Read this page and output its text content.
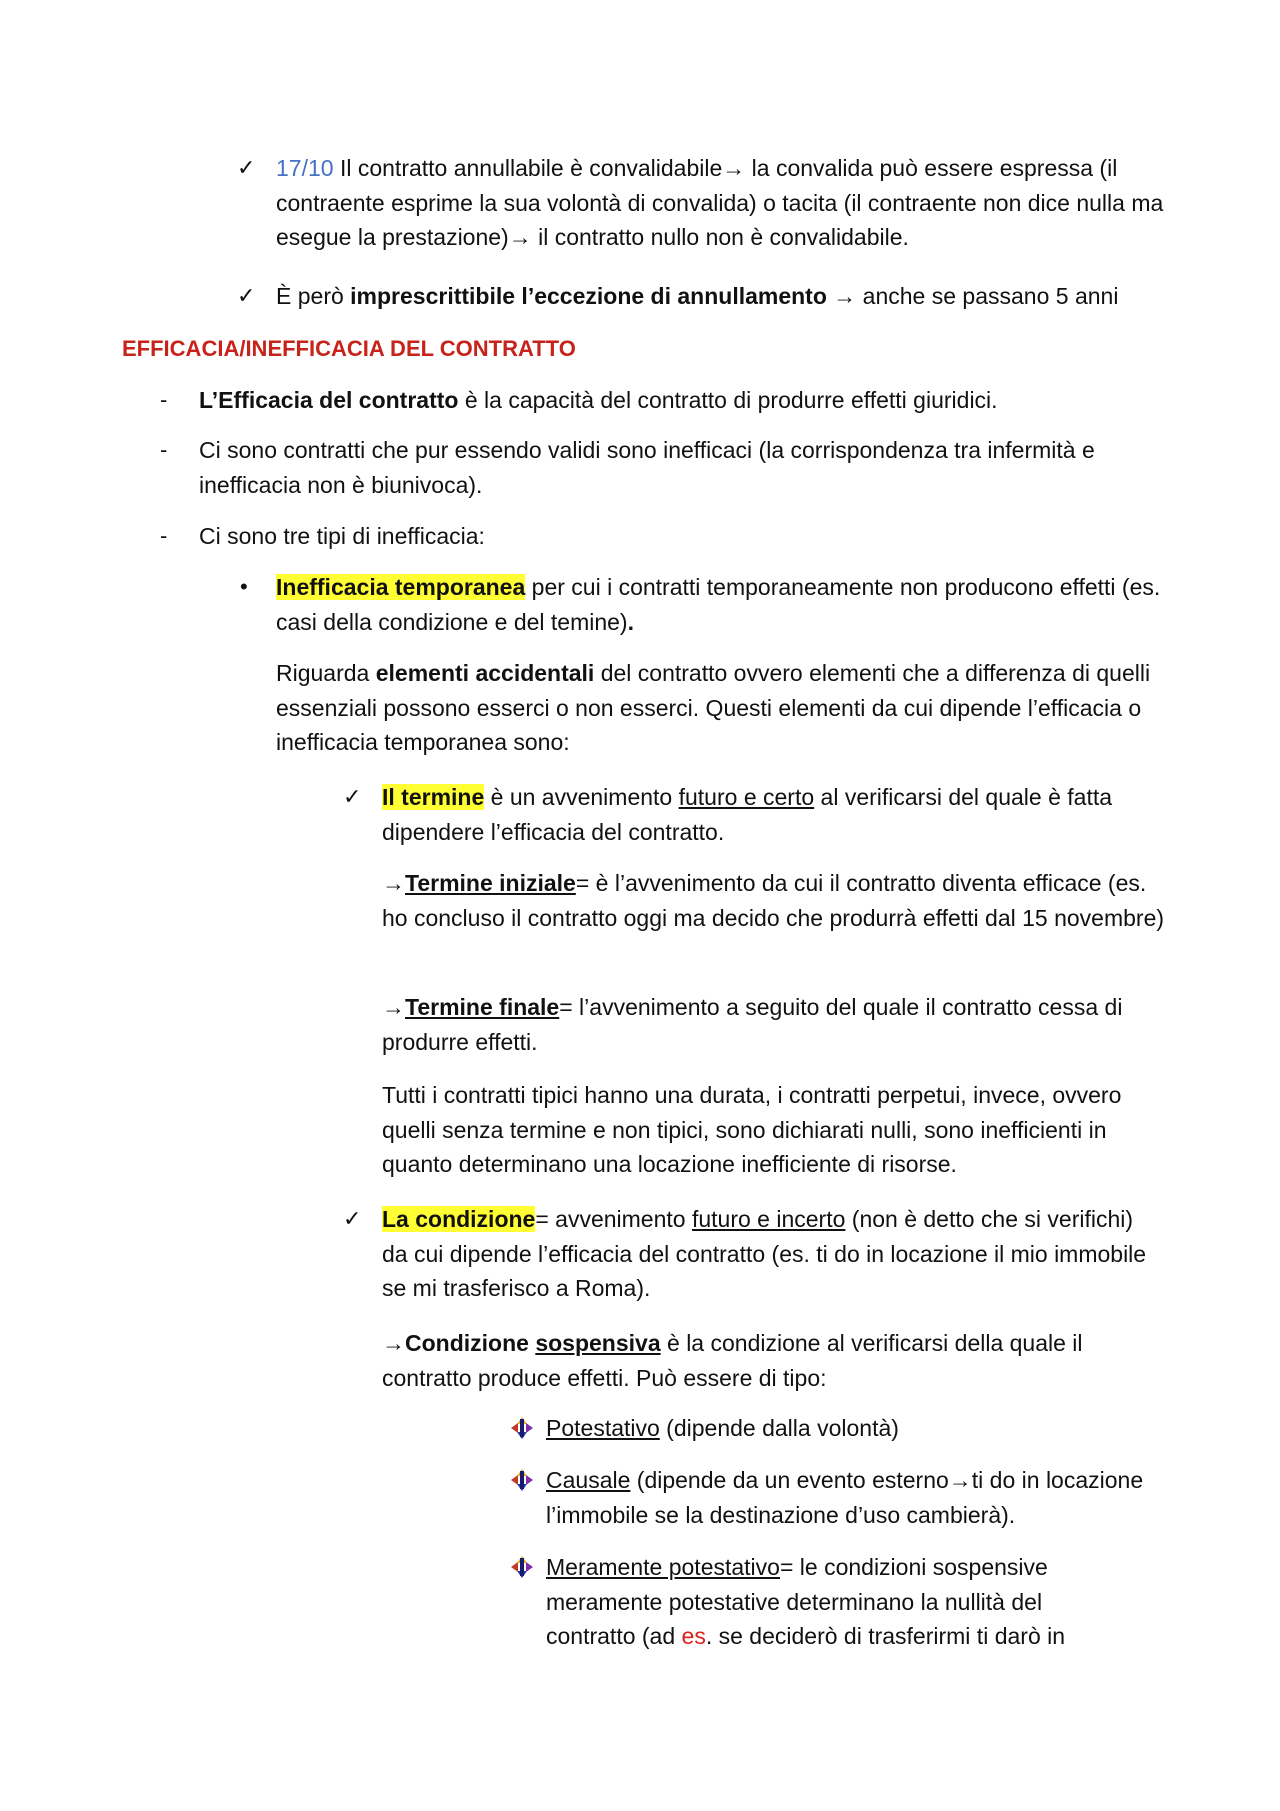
✓ 17/10 Il contratto annullabile è convalidabile→ la convalida può essere espressa (il contraente esprime la sua volontà di convalida) o tacita (il contraente non dice nulla ma esegue la prestazione)→ il contratto nullo non è convalidabile.

✓ È però imprescrittibile l’eccezione di annullamento → anche se passano 5 anni

EFFICACIA/INEFFICACIA DEL CONTRATTO

- L’Efficacia del contratto è la capacità del contratto di produrre effetti giuridici.

- Ci sono contratti che pur essendo validi sono inefficaci (la corrispondenza tra infermità e inefficacia non è biunivoca).

- Ci sono tre tipi di inefficacia:

• Inefficacia temporanea per cui i contratti temporaneamente non producono effetti (es. casi della condizione e del temine).

Riguarda elementi accidentali del contratto ovvero elementi che a differenza di quelli essenziali possono esserci o non esserci. Questi elementi da cui dipende l’efficacia o inefficacia temporanea sono:

✓ Il termine è un avvenimento futuro e certo al verificarsi del quale è fatta dipendere l’efficacia del contratto.

→Termine iniziale= è l’avvenimento da cui il contratto diventa efficace (es. ho concluso il contratto oggi ma decido che produrrà effetti dal 15 novembre)

→Termine finale= l’avvenimento a seguito del quale il contratto cessa di produrre effetti.

Tutti i contratti tipici hanno una durata, i contratti perpetui, invece, ovvero quelli senza termine e non tipici, sono dichiarati nulli, sono inefficienti in quanto determinano una locazione inefficiente di risorse.

✓ La condizione= avvenimento futuro e incerto (non è detto che si verifichi) da cui dipende l’efficacia del contratto (es. ti do in locazione il mio immobile se mi trasferisco a Roma).

→Condizione sospensiva è la condizione al verificarsi della quale il contratto produce effetti. Può essere di tipo:

Potestativo (dipende dalla volontà)

Causale (dipende da un evento esterno→ti do in locazione l’immobile se la destinazione d’uso cambierà).

Meramente potestativo= le condizioni sospensive meramente potestative determinano la nullità del contratto (ad es. se deciderò di trasferirmi ti darò in
